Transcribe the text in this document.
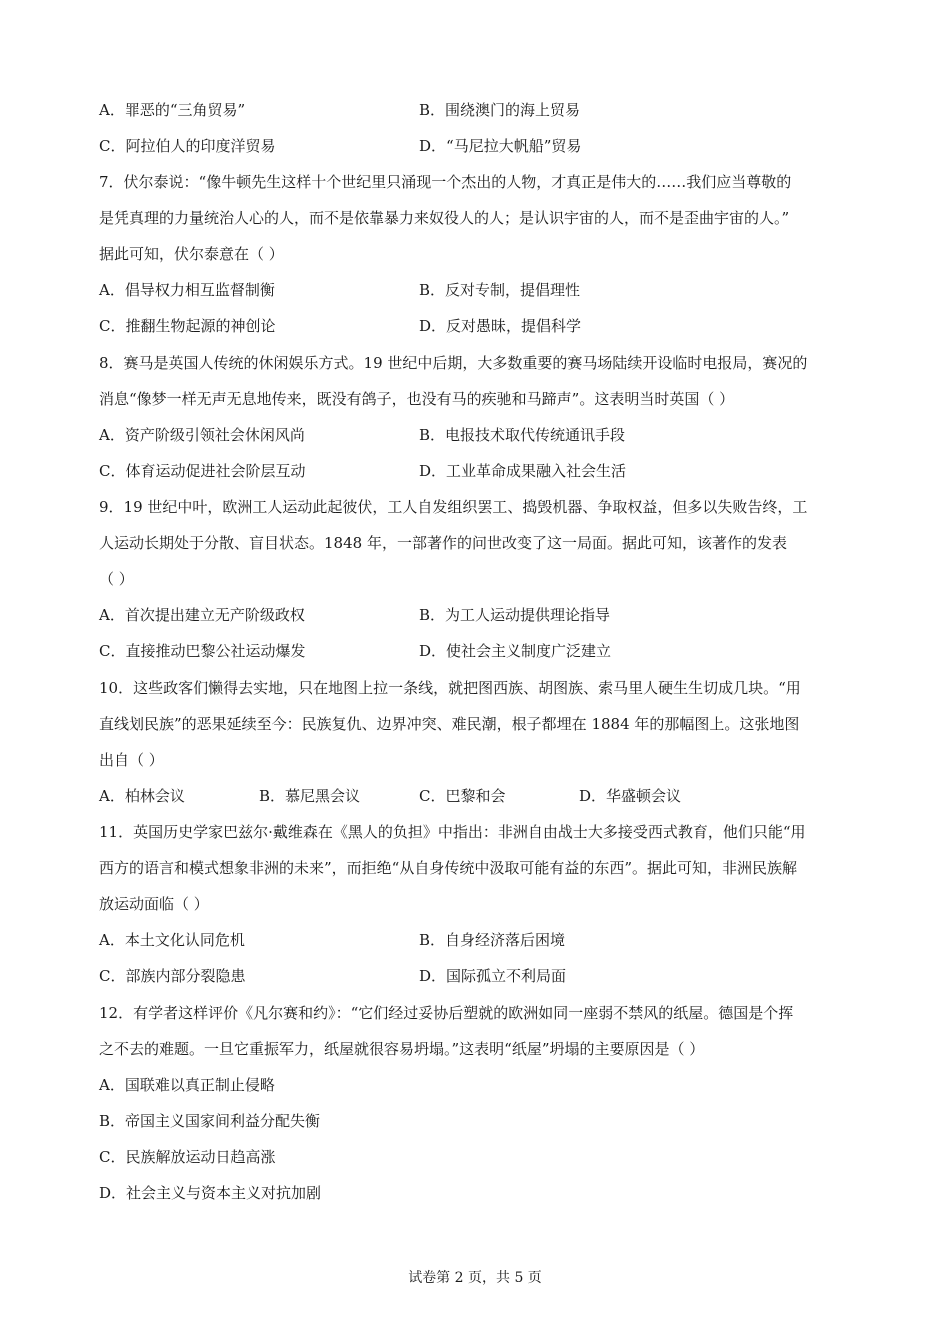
A．罪恶的“三角贸易”	B．围绕澳门的海上贸易
C．阿拉伯人的印度洋贸易	D．“马尼拉大帆船”贸易
7．伏尔泰说：“像牛顿先生这样十个世纪里只涌现一个杰出的人物，才真正是伟大的……我们应当尊敬的
是凭真理的力量统治人心的人，而不是依靠暴力来奴役人的人；是认识宇宙的人，而不是歪曲宇宙的人。”
据此可知，伏尔泰意在（ ）
A．倡导权力相互监督制衡	B．反对专制，提倡理性
C．推翻生物起源的神创论	D．反对愚昧，提倡科学
8．赛马是英国人传统的休闲娱乐方式。19 世纪中后期，大多数重要的赛马场陆续开设临时电报局，赛况的
消息“像梦一样无声无息地传来，既没有鸽子，也没有马的疾驰和马蹄声”。这表明当时英国（ ）
A．资产阶级引领社会休闲风尚	B．电报技术取代传统通讯手段
C．体育运动促进社会阶层互动	D．工业革命成果融入社会生活
9．19 世纪中叶，欧洲工人运动此起彼伏，工人自发组织罢工、捣毁机器、争取权益，但多以失败告终，工
人运动长期处于分散、盲目状态。1848 年，一部著作的问世改变了这一局面。据此可知，该著作的发表
（ ）
A．首次提出建立无产阶级政权	B．为工人运动提供理论指导
C．直接推动巴黎公社运动爆发	D．使社会主义制度广泛建立
10．这些政客们懒得去实地，只在地图上拉一条线，就把图西族、胡图族、索马里人硬生生切成几块。“用
直线划民族”的恶果延续至今：民族复仇、边界冲突、难民潮，根子都埋在 1884 年的那幅图上。这张地图
出自（ ）
A．柏林会议	B．慕尼黑会议	C．巴黎和会	D．华盛顿会议
11．英国历史学家巴兹尔·戴维森在《黑人的负担》中指出：非洲自由战士大多接受西式教育，他们只能“用
西方的语言和模式想象非洲的未来”，而拒绝“从自身传统中汲取可能有益的东西”。据此可知，非洲民族解
放运动面临（ ）
A．本土文化认同危机	B．自身经济落后困境
C．部族内部分裂隐患	D．国际孤立不利局面
12．有学者这样评价《凡尔赛和约》：“它们经过妥协后塑就的欧洲如同一座弱不禁风的纸屋。德国是个挥
之不去的难题。一旦它重振军力，纸屋就很容易坍塌。”这表明“纸屋”坍塌的主要原因是（ ）
A．国联难以真正制止侵略
B．帝国主义国家间利益分配失衡
C．民族解放运动日趋高涨
D．社会主义与资本主义对抗加剧
试卷第 2 页，共 5 页
